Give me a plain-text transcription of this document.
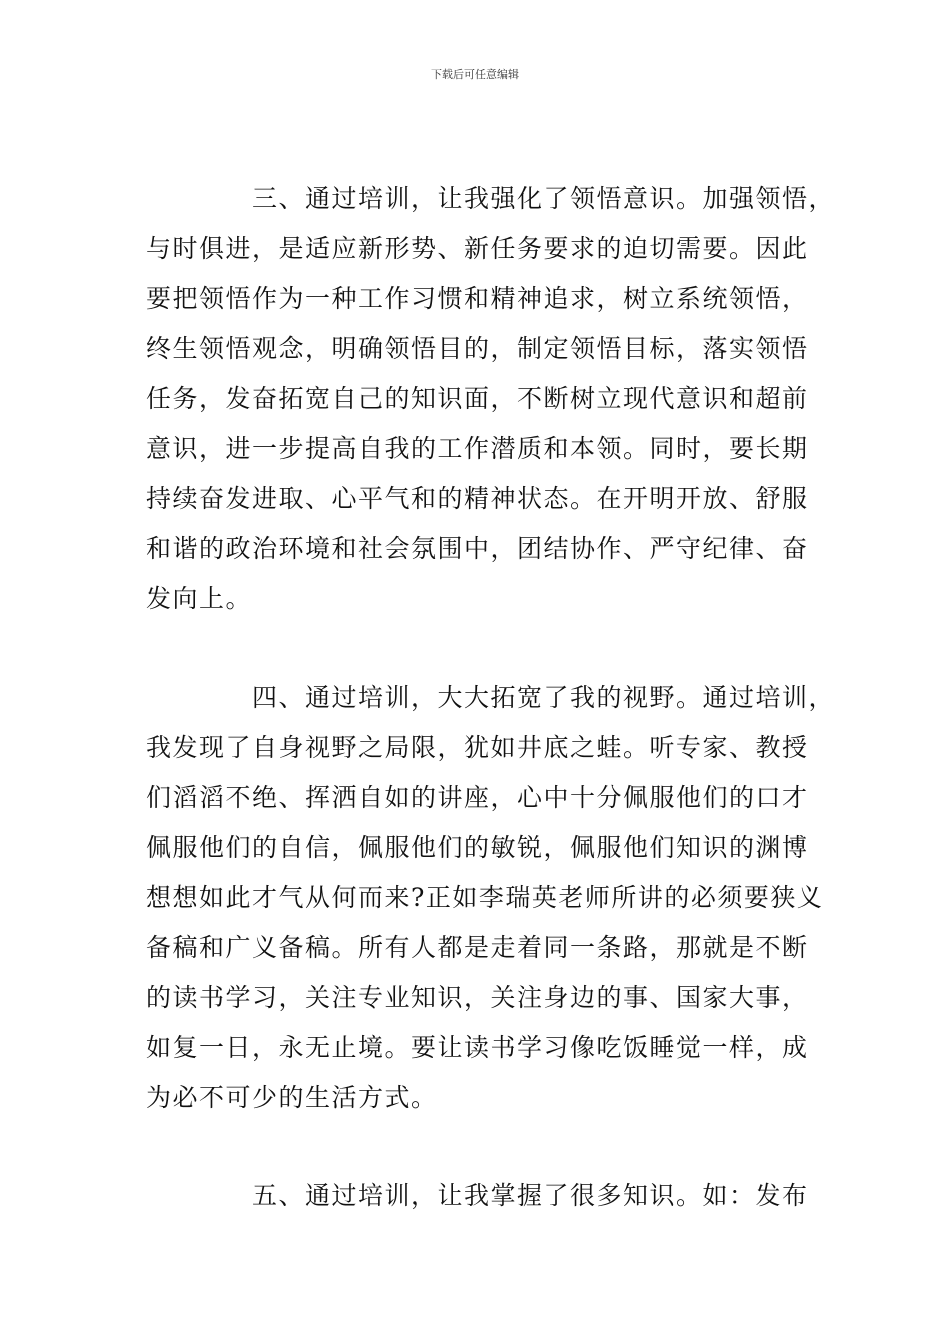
下载后可任意编辑
三、通过培训，让我强化了领悟意识。加强领悟，
与时俱进，是适应新形势、新任务要求的迫切需要。因此
要把领悟作为一种工作习惯和精神追求，树立系统领悟，
终生领悟观念，明确领悟目的，制定领悟目标，落实领悟
任务，发奋拓宽自己的知识面，不断树立现代意识和超前
意识，进一步提高自我的工作潜质和本领。同时，要长期
持续奋发进取、心平气和的精神状态。在开明开放、舒服
和谐的政治环境和社会氛围中，团结协作、严守纪律、奋
发向上。
四、通过培训，大大拓宽了我的视野。通过培训，
我发现了自身视野之局限，犹如井底之蛙。听专家、教授
们滔滔不绝、挥洒自如的讲座，心中十分佩服他们的口才
佩服他们的自信，佩服他们的敏锐，佩服他们知识的渊博
想想如此才气从何而来?正如李瑞英老师所讲的必须要狭义
备稿和广义备稿。所有人都是走着同一条路，那就是不断
的读书学习，关注专业知识，关注身边的事、国家大事，
如复一日，永无止境。要让读书学习像吃饭睡觉一样，成
为必不可少的生活方式。
五、通过培训，让我掌握了很多知识。如：发布
